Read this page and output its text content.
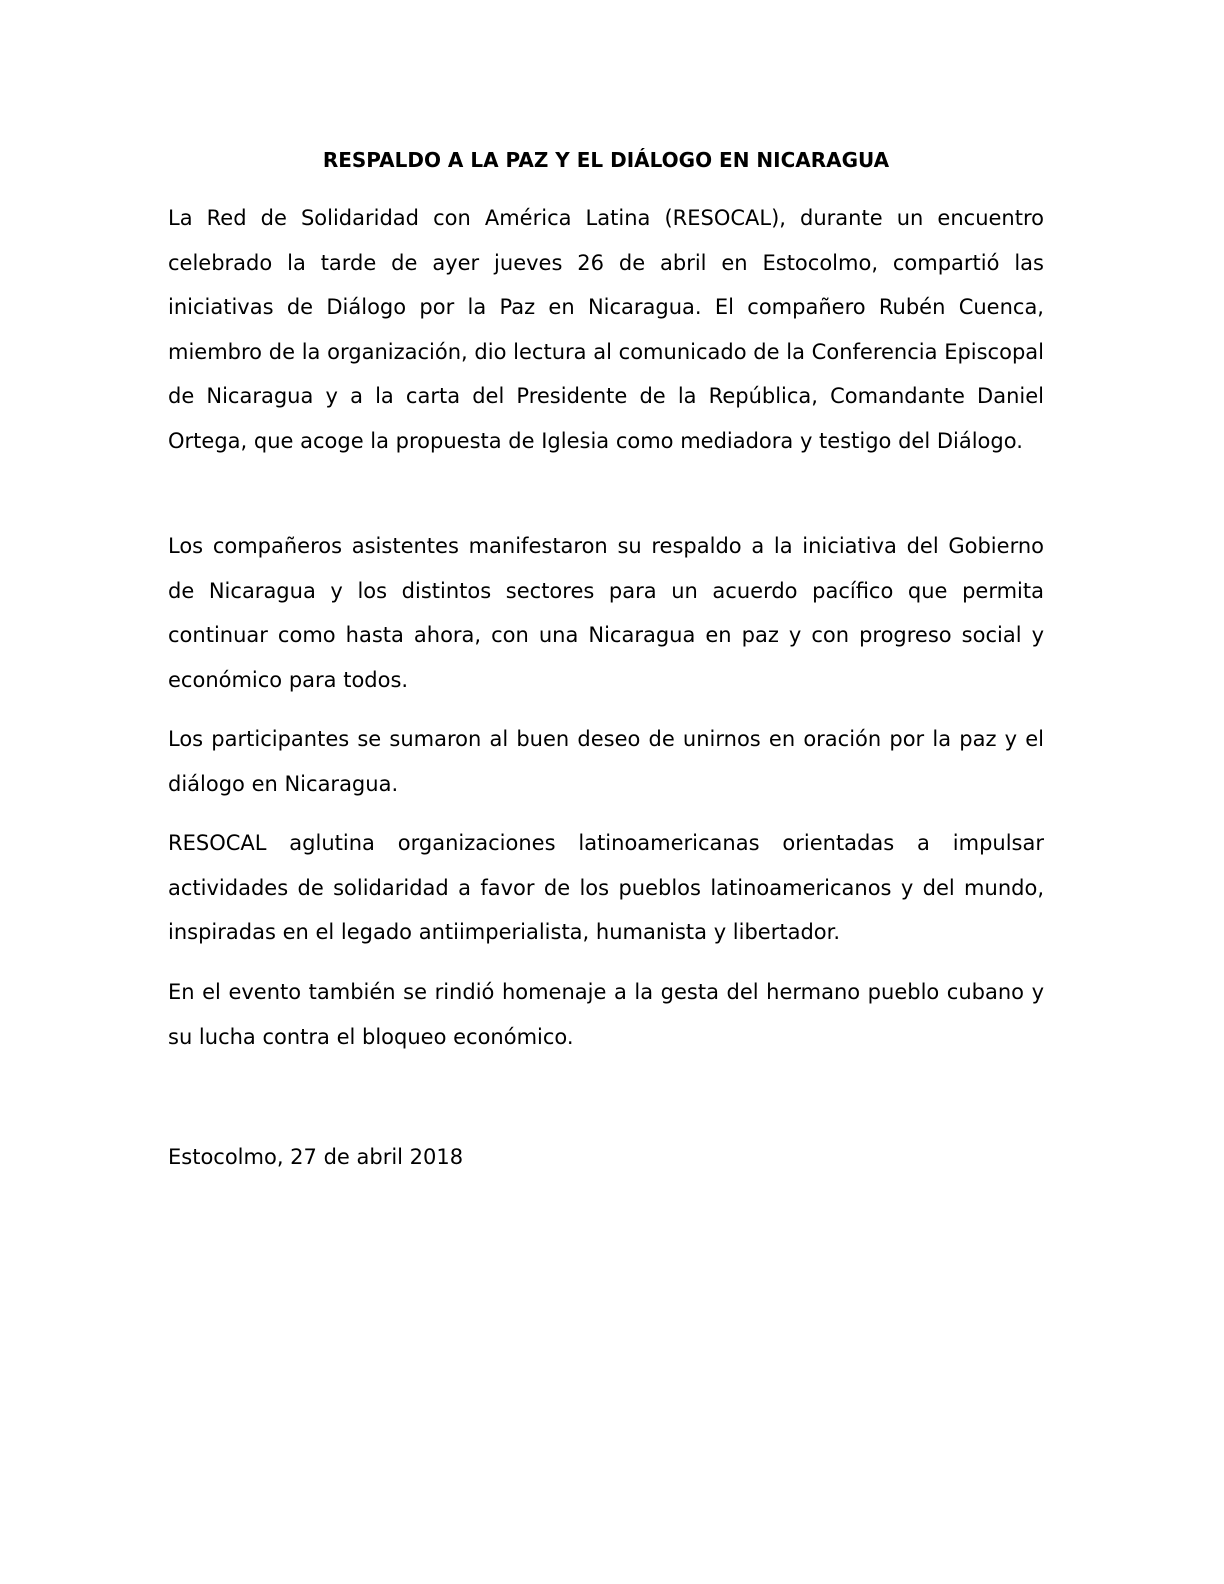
RESPALDO A LA PAZ Y EL DIÁLOGO EN NICARAGUA

La Red de Solidaridad con América Latina (RESOCAL), durante un encuentro celebrado la tarde de ayer jueves 26 de abril en Estocolmo, compartió las iniciativas de Diálogo por la Paz en Nicaragua. El compañero Rubén Cuenca, miembro de la organización, dio lectura al comunicado de la Conferencia Episcopal de Nicaragua y a la carta del Presidente de la República, Comandante Daniel Ortega, que acoge la propuesta de Iglesia como mediadora y testigo del Diálogo.

Los compañeros asistentes manifestaron su respaldo a la iniciativa del Gobierno de Nicaragua y los distintos sectores para un acuerdo pacífico que permita continuar como hasta ahora, con una Nicaragua en paz y con progreso social y económico para todos.

Los participantes se sumaron al buen deseo de unirnos en oración por la paz y el diálogo en Nicaragua.

RESOCAL aglutina organizaciones latinoamericanas orientadas a impulsar actividades de solidaridad a favor de los pueblos latinoamericanos y del mundo, inspiradas en el legado antiimperialista, humanista y libertador.

En el evento también se rindió homenaje a la gesta del hermano pueblo cubano y su lucha contra el bloqueo económico.

Estocolmo, 27 de abril 2018
